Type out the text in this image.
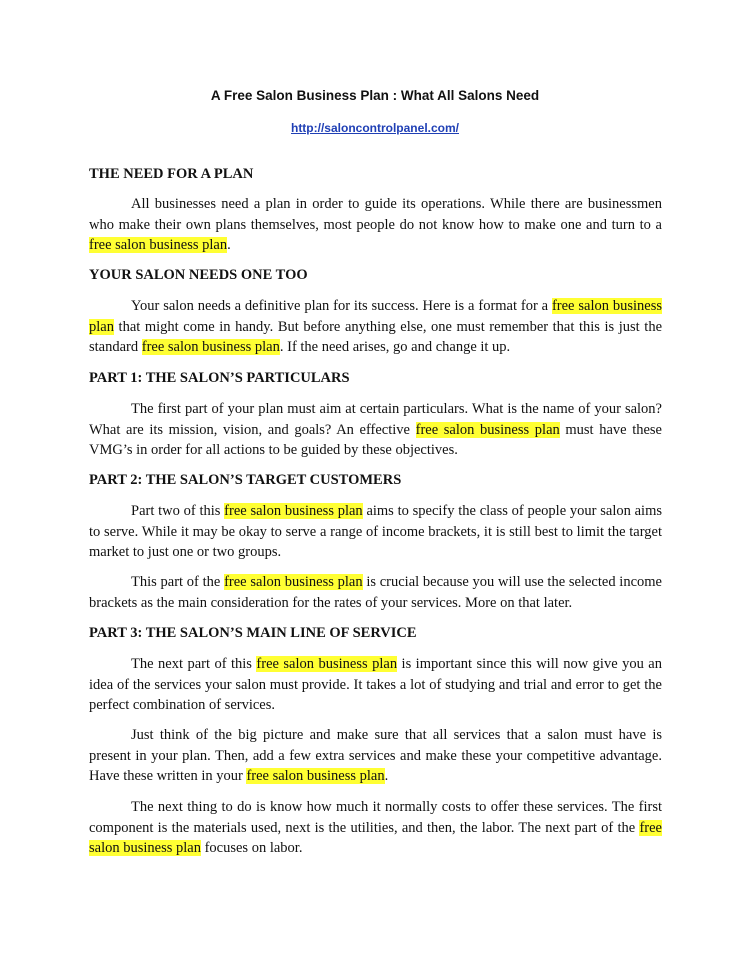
A Free Salon Business Plan : What All Salons Need
http://saloncontrolpanel.com/

THE NEED FOR A PLAN

All businesses need a plan in order to guide its operations. While there are businessmen who make their own plans themselves, most people do not know how to make one and turn to a free salon business plan.

YOUR SALON NEEDS ONE TOO

Your salon needs a definitive plan for its success. Here is a format for a free salon business plan that might come in handy. But before anything else, one must remember that this is just the standard free salon business plan. If the need arises, go and change it up.

PART 1: THE SALON’S PARTICULARS

The first part of your plan must aim at certain particulars. What is the name of your salon? What are its mission, vision, and goals? An effective free salon business plan must have these VMG’s in order for all actions to be guided by these objectives.

PART 2: THE SALON’S TARGET CUSTOMERS

Part two of this free salon business plan aims to specify the class of people your salon aims to serve. While it may be okay to serve a range of income brackets, it is still best to limit the target market to just one or two groups.

This part of the free salon business plan is crucial because you will use the selected income brackets as the main consideration for the rates of your services. More on that later.

PART 3: THE SALON’S MAIN LINE OF SERVICE

The next part of this free salon business plan is important since this will now give you an idea of the services your salon must provide. It takes a lot of studying and trial and error to get the perfect combination of services.

Just think of the big picture and make sure that all services that a salon must have is present in your plan. Then, add a few extra services and make these your competitive advantage. Have these written in your free salon business plan.

The next thing to do is know how much it normally costs to offer these services. The first component is the materials used, next is the utilities, and then, the labor. The next part of the free salon business plan focuses on labor.
